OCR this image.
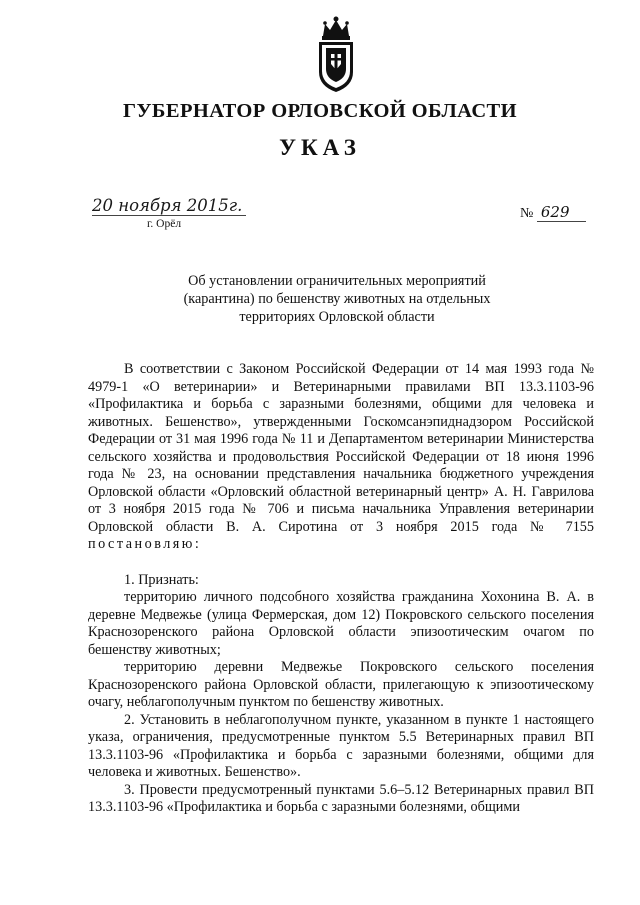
ГУБЕРНАТОР ОРЛОВСКОЙ ОБЛАСТИ
УКАЗ
20 ноября 2015г.
г. Орёл
№ 629
Об установлении ограничительных мероприятий
(карантина) по бешенству животных на отдельных
территориях Орловской области

В соответствии с Законом Российской Федерации от 14 мая 1993 года № 4979-1 «О ветеринарии» и Ветеринарными правилами ВП 13.3.1103-96 «Профилактика и борьба с заразными болезнями, общими для человека и животных. Бешенство», утвержденными Госкомсанэпиднадзором Российской Федерации от 31 мая 1996 года № 11 и Департаментом ветеринарии Министерства сельского хозяйства и продовольствия Российской Федерации от 18 июня 1996 года № 23, на основании представления начальника бюджетного учреждения Орловской области «Орловский областной ветеринарный центр» А. Н. Гаврилова от 3 ноября 2015 года № 706 и письма начальника Управления ветеринарии Орловской области В. А. Сиротина от 3 ноября 2015 года № 7155 постановляю:

1. Признать:

территорию личного подсобного хозяйства гражданина Хохонина В. А. в деревне Медвежье (улица Фермерская, дом 12) Покровского сельского поселения Краснозоренского района Орловской области эпизоотическим очагом по бешенству животных;

территорию деревни Медвежье Покровского сельского поселения Краснозоренского района Орловской области, прилегающую к эпизоотическому очагу, неблагополучным пунктом по бешенству животных.

2. Установить в неблагополучном пункте, указанном в пункте 1 настоящего указа, ограничения, предусмотренные пунктом 5.5 Ветеринарных правил ВП 13.3.1103-96 «Профилактика и борьба с заразными болезнями, общими для человека и животных. Бешенство».

3. Провести предусмотренный пунктами 5.6–5.12 Ветеринарных правил ВП 13.3.1103-96 «Профилактика и борьба с заразными болезнями, общими
